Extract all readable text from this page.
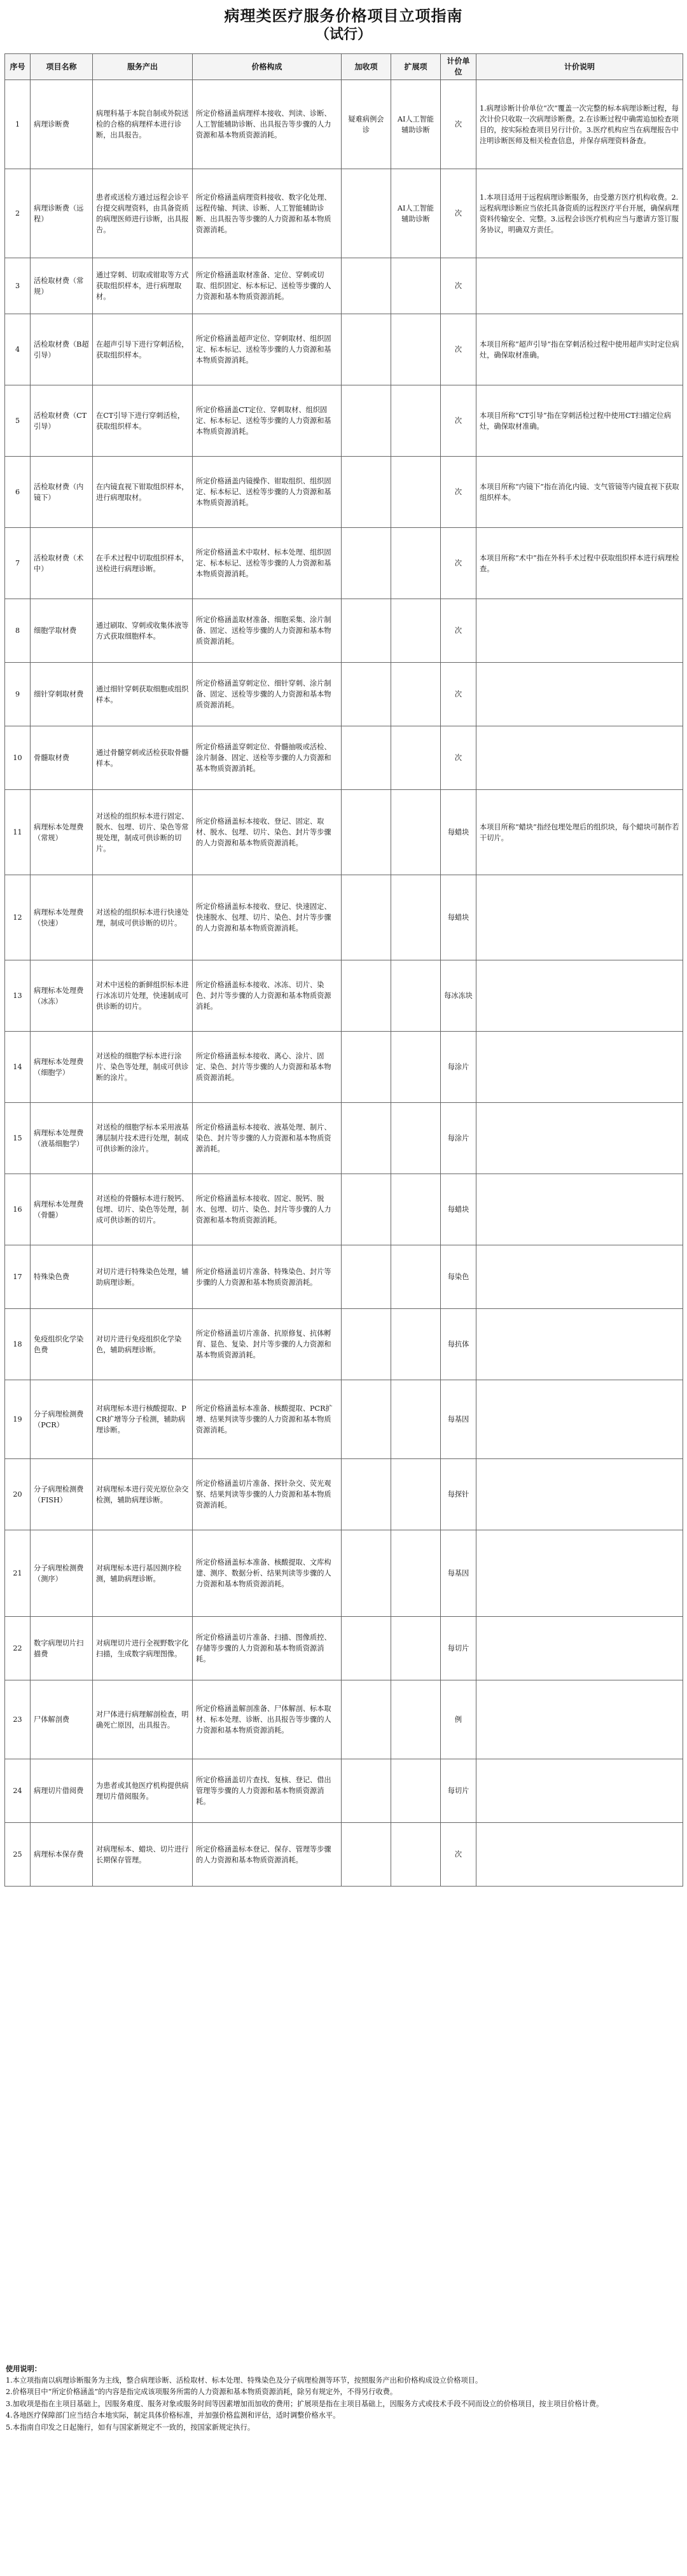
病理类医疗服务价格项目立项指南
（试行）
序号	项目名称	服务产出	价格构成	加收项	扩展项	计价单位	计价说明
1	病理诊断费	病理科基于本院自制或外院送检的合格的病理样本进行诊断，出具报告。	所定价格涵盖病理样本接收、判读、诊断、人工智能辅助诊断、出具报告等步骤的人力资源和基本物质资源消耗。	疑难病例会诊	AI人工智能辅助诊断	次	1.病理诊断计价单位“次”覆盖一次完整的标本病理诊断过程，每次计价只收取一次病理诊断费。2.在诊断过程中确需追加检查项目的，按实际检查项目另行计价。3.医疗机构应当在病理报告中注明诊断医师及相关检查信息，并保存病理资料备查。
2	病理诊断费（远程）	患者或送检方通过远程会诊平台提交病理资料，由具备资质的病理医师进行诊断，出具报告。	所定价格涵盖病理资料接收、数字化处理、远程传输、判读、诊断、人工智能辅助诊断、出具报告等步骤的人力资源和基本物质资源消耗。		AI人工智能辅助诊断	次	1.本项目适用于远程病理诊断服务，由受邀方医疗机构收费。2.远程病理诊断应当依托具备资质的远程医疗平台开展，确保病理资料传输安全、完整。3.远程会诊医疗机构应当与邀请方签订服务协议，明确双方责任。
3	活检取材费（常规）	通过穿刺、切取或钳取等方式获取组织样本，进行病理取材。	所定价格涵盖取材准备、定位、穿刺或切取、组织固定、标本标记、送检等步骤的人力资源和基本物质资源消耗。			次	
4	活检取材费（B超引导）	在超声引导下进行穿刺活检，获取组织样本。	所定价格涵盖超声定位、穿刺取材、组织固定、标本标记、送检等步骤的人力资源和基本物质资源消耗。			次	本项目所称“超声引导”指在穿刺活检过程中使用超声实时定位病灶，确保取材准确。
5	活检取材费（CT引导）	在CT引导下进行穿刺活检，获取组织样本。	所定价格涵盖CT定位、穿刺取材、组织固定、标本标记、送检等步骤的人力资源和基本物质资源消耗。			次	本项目所称“CT引导”指在穿刺活检过程中使用CT扫描定位病灶，确保取材准确。
6	活检取材费（内镜下）	在内镜直视下钳取组织样本，进行病理取材。	所定价格涵盖内镜操作、钳取组织、组织固定、标本标记、送检等步骤的人力资源和基本物质资源消耗。			次	本项目所称“内镜下”指在消化内镜、支气管镜等内镜直视下获取组织样本。
7	活检取材费（术中）	在手术过程中切取组织样本，送检进行病理诊断。	所定价格涵盖术中取材、标本处理、组织固定、标本标记、送检等步骤的人力资源和基本物质资源消耗。			次	本项目所称“术中”指在外科手术过程中获取组织样本进行病理检查。
8	细胞学取材费	通过刷取、穿刺或收集体液等方式获取细胞样本。	所定价格涵盖取材准备、细胞采集、涂片制备、固定、送检等步骤的人力资源和基本物质资源消耗。			次	
9	细针穿刺取材费	通过细针穿刺获取细胞或组织样本。	所定价格涵盖穿刺定位、细针穿刺、涂片制备、固定、送检等步骤的人力资源和基本物质资源消耗。			次	
10	骨髓取材费	通过骨髓穿刺或活检获取骨髓样本。	所定价格涵盖穿刺定位、骨髓抽吸或活检、涂片制备、固定、送检等步骤的人力资源和基本物质资源消耗。			次	
11	病理标本处理费（常规）	对送检的组织标本进行固定、脱水、包埋、切片、染色等常规处理，制成可供诊断的切片。	所定价格涵盖标本接收、登记、固定、取材、脱水、包埋、切片、染色、封片等步骤的人力资源和基本物质资源消耗。			每蜡块	本项目所称“蜡块”指经包埋处理后的组织块，每个蜡块可制作若干切片。
12	病理标本处理费（快速）	对送检的组织标本进行快速处理，制成可供诊断的切片。	所定价格涵盖标本接收、登记、快速固定、快速脱水、包埋、切片、染色、封片等步骤的人力资源和基本物质资源消耗。			每蜡块	
13	病理标本处理费（冰冻）	对术中送检的新鲜组织标本进行冰冻切片处理，快速制成可供诊断的切片。	所定价格涵盖标本接收、冰冻、切片、染色、封片等步骤的人力资源和基本物质资源消耗。			每冰冻块	
14	病理标本处理费（细胞学）	对送检的细胞学标本进行涂片、染色等处理，制成可供诊断的涂片。	所定价格涵盖标本接收、离心、涂片、固定、染色、封片等步骤的人力资源和基本物质资源消耗。			每涂片	
15	病理标本处理费（液基细胞学）	对送检的细胞学标本采用液基薄层制片技术进行处理，制成可供诊断的涂片。	所定价格涵盖标本接收、液基处理、制片、染色、封片等步骤的人力资源和基本物质资源消耗。			每涂片	
16	病理标本处理费（骨髓）	对送检的骨髓标本进行脱钙、包埋、切片、染色等处理，制成可供诊断的切片。	所定价格涵盖标本接收、固定、脱钙、脱水、包埋、切片、染色、封片等步骤的人力资源和基本物质资源消耗。			每蜡块	
17	特殊染色费	对切片进行特殊染色处理，辅助病理诊断。	所定价格涵盖切片准备、特殊染色、封片等步骤的人力资源和基本物质资源消耗。			每染色	
18	免疫组织化学染色费	对切片进行免疫组织化学染色，辅助病理诊断。	所定价格涵盖切片准备、抗原修复、抗体孵育、显色、复染、封片等步骤的人力资源和基本物质资源消耗。			每抗体	
19	分子病理检测费（PCR）	对病理标本进行核酸提取、PCR扩增等分子检测，辅助病理诊断。	所定价格涵盖标本准备、核酸提取、PCR扩增、结果判读等步骤的人力资源和基本物质资源消耗。			每基因	
20	分子病理检测费（FISH）	对病理标本进行荧光原位杂交检测，辅助病理诊断。	所定价格涵盖切片准备、探针杂交、荧光观察、结果判读等步骤的人力资源和基本物质资源消耗。			每探针	
21	分子病理检测费（测序）	对病理标本进行基因测序检测，辅助病理诊断。	所定价格涵盖标本准备、核酸提取、文库构建、测序、数据分析、结果判读等步骤的人力资源和基本物质资源消耗。			每基因	
22	数字病理切片扫描费	对病理切片进行全视野数字化扫描，生成数字病理图像。	所定价格涵盖切片准备、扫描、图像质控、存储等步骤的人力资源和基本物质资源消耗。			每切片	
23	尸体解剖费	对尸体进行病理解剖检查，明确死亡原因，出具报告。	所定价格涵盖解剖准备、尸体解剖、标本取材、标本处理、诊断、出具报告等步骤的人力资源和基本物质资源消耗。			例	
24	病理切片借阅费	为患者或其他医疗机构提供病理切片借阅服务。	所定价格涵盖切片查找、复核、登记、借出管理等步骤的人力资源和基本物质资源消耗。			每切片	
25	病理标本保存费	对病理标本、蜡块、切片进行长期保存管理。	所定价格涵盖标本登记、保存、管理等步骤的人力资源和基本物质资源消耗。			次	

使用说明：

1.本立项指南以病理诊断服务为主线，整合病理诊断、活检取材、标本处理、特殊染色及分子病理检测等环节，按照服务产出和价格构成设立价格项目。

2.价格项目中“所定价格涵盖”的内容是指完成该项服务所需的人力资源和基本物质资源消耗，除另有规定外，不得另行收费。

3.加收项是指在主项目基础上，因服务难度、服务对象或服务时间等因素增加而加收的费用；扩展项是指在主项目基础上，因服务方式或技术手段不同而设立的价格项目，按主项目价格计费。

4.各地医疗保障部门应当结合本地实际，制定具体价格标准，并加强价格监测和评估，适时调整价格水平。

5.本指南自印发之日起施行，如有与国家新规定不一致的，按国家新规定执行。
